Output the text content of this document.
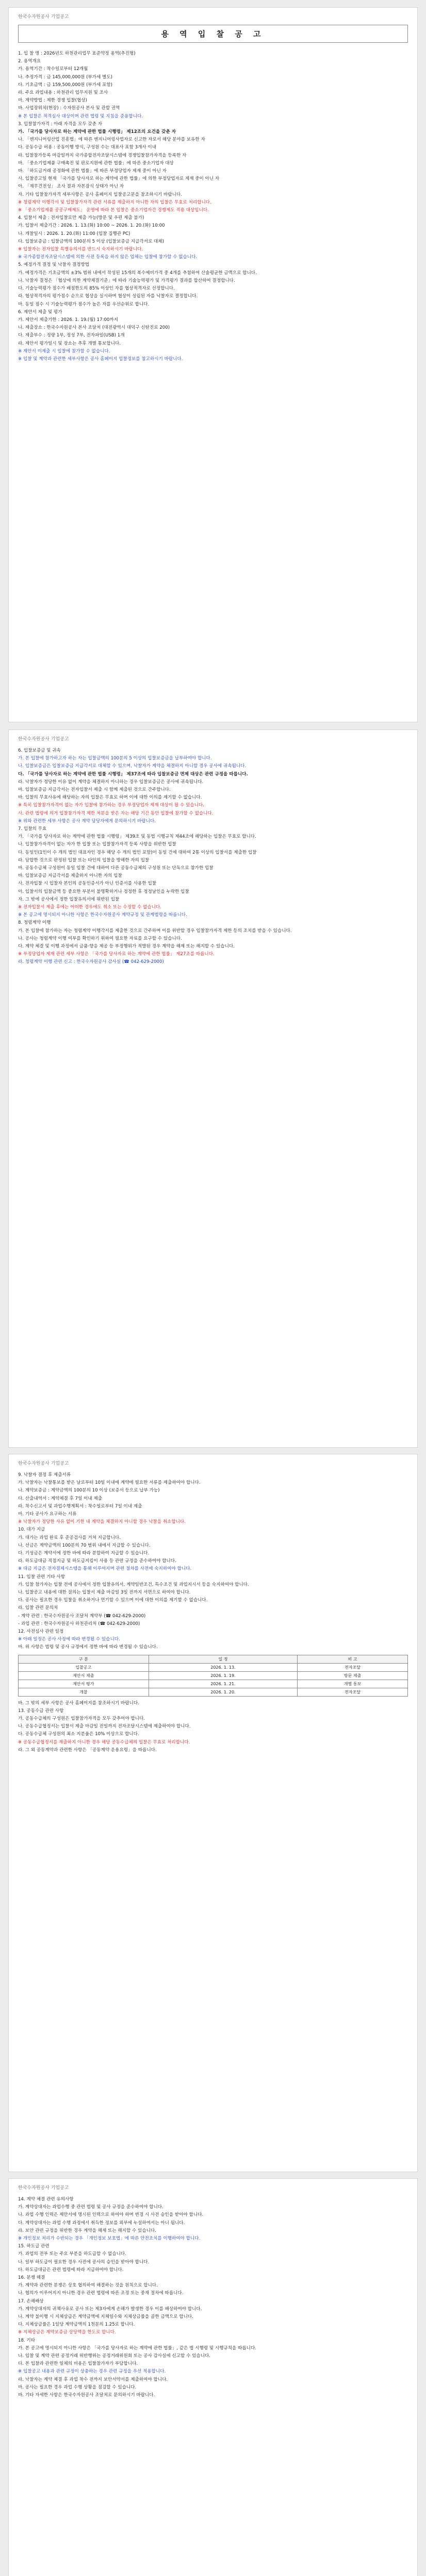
한국수자원공사 기업공고
용 역 입 찰 공 고
1. 입 찰 명 : 2026년도 하천관리업무 표준약정 용역(추진형)
2. 용역개요
가. 용역기간 : 착수일로부터 12개월
나. 추정가격 : 금 145,000,000원 (부가세 별도)
다. 기초금액 : 금 159,500,000원 (부가세 포함)
라. 주요 과업내용 : 하천관리 업무지원 및 조사
마. 계약방법 : 제한 경쟁 입찰(협상)
바. 사업장위치(현장) : 수자원공사 본사 및 관할 권역
※ 본 입찰은 적격심사 대상이며 관련 법령 및 지침을 준용합니다.
3. 입찰참가자격 : 아래 자격을 모두 갖춘 자
가. 「국가를 당사자로 하는 계약에 관한 법률 시행령」 제12조의 요건을 갖춘 자
나. 「엔지니어링산업 진흥법」에 따른 엔지니어링사업자로 신고한 자로서 해당 분야를 보유한 자
다. 공동수급 허용 : 공동이행 방식, 구성원 수는 대표사 포함 3개사 이내
라. 입찰참가등록 마감일까지 국가종합전자조달시스템에 경쟁입찰참가자격을 등록한 자
마. 「중소기업제품 구매촉진 및 판로지원에 관한 법률」에 따른 중소기업자 대상
바. 「하도급거래 공정화에 관한 법률」에 따른 부정당업자 제재 중이 아닌 자
사. 입찰공고일 현재 「국가를 당사자로 하는 계약에 관한 법률」에 의한 부정당업자로 제재 중이 아닌 자
아. 「재무건전성」 조사 결과 자본잠식 상태가 아닌 자
자. 기타 입찰참가자격 세부사항은 공사 홈페이지 입찰공고문을 참조하시기 바랍니다.
※ 청렴계약 이행각서 및 입찰참가자격 관련 서류를 제출하지 아니한 자의 입찰은 무효로 처리합니다.
※ 「중소기업제품 공공구매제도」 운영에 따라 본 입찰은 중소기업자간 경쟁제도 적용 대상입니다.
4. 입찰서 제출 : 전자입찰로만 제출 가능(방문 및 우편 제출 불가)
가. 입찰서 제출기간 : 2026. 1. 13.(화) 10:00 ~ 2026. 1. 20.(화) 10:00
나. 개찰일시 : 2026. 1. 20.(화) 11:00 (입찰 집행관 PC)
다. 입찰보증금 : 입찰금액의 100분의 5 이상 (입찰보증금 지급각서로 대체)
※ 입찰자는 전자입찰 특별유의서를 반드시 숙지하시기 바랍니다.
※ 국가종합전자조달시스템에 의한 사전 등록을 하지 않은 업체는 입찰에 참가할 수 없습니다.
5. 예정가격 결정 및 낙찰자 결정방법
가. 예정가격은 기초금액의 ±3% 범위 내에서 작성된 15개의 복수예비가격 중 4개를 추첨하여 산술평균한 금액으로 합니다.
나. 낙찰자 결정은 「협상에 의한 계약체결기준」에 따라 기술능력평가 및 가격평가 결과를 합산하여 결정합니다.
다. 기술능력평가 점수가 배점한도의 85% 이상인 자를 협상적격자로 선정합니다.
라. 협상적격자의 평가점수 순으로 협상을 실시하며 협상이 성립된 자를 낙찰자로 결정합니다.
마. 동일 점수 시 기술능력평가 점수가 높은 자를 우선순위로 합니다.
6. 제안서 제출 및 평가
가. 제안서 제출기한 : 2026. 1. 19.(월) 17:00까지
나. 제출장소 : 한국수자원공사 본사 조달처 (대전광역시 대덕구 신탄진로 200)
다. 제출부수 : 정량 1부, 정성 7부, 전자파일(USB) 1개
라. 제안서 평가일시 및 장소는 추후 개별 통보합니다.
※ 제안서 미제출 시 입찰에 참가할 수 없습니다.
※ 입찰 및 계약과 관련한 세부사항은 공사 홈페이지 입찰정보를 참고하시기 바랍니다.
한국수자원공사 기업공고
6. 입찰보증금 및 귀속
가. 본 입찰에 참가하고자 하는 자는 입찰금액의 100분의 5 이상의 입찰보증금을 납부하여야 합니다.
나. 입찰보증금은 입찰보증금 지급각서로 대체할 수 있으며, 낙찰자가 계약을 체결하지 아니할 경우 공사에 귀속됩니다.
다. 「국가를 당사자로 하는 계약에 관한 법률 시행령」 제37조에 따라 입찰보증금 면제 대상은 관련 규정을 따릅니다.
라. 낙찰자가 정당한 이유 없이 계약을 체결하지 아니하는 경우 입찰보증금은 공사에 귀속됩니다.
마. 입찰보증금 지급각서는 전자입찰서 제출 시 함께 제출된 것으로 간주합니다.
바. 입찰의 무효사유에 해당하는 자의 입찰은 무효로 하며 이에 대한 이의를 제기할 수 없습니다.
※ 특히 입찰참가자격이 없는 자가 입찰에 참가하는 경우 부정당업자 제재 대상이 될 수 있습니다.
사. 관련 법령에 의거 입찰참가자격 제한 처분을 받은 자는 해당 기간 동안 입찰에 참가할 수 없습니다.
※ 위와 관련한 세부 사항은 공사 계약 담당자에게 문의하시기 바랍니다.
7. 입찰의 무효
가. 「국가를 당사자로 하는 계약에 관한 법률 시행령」 제39조 및 동법 시행규칙 제44조에 해당하는 입찰은 무효로 합니다.
나. 입찰참가자격이 없는 자가 한 입찰 또는 입찰참가자격 등록 사항을 위반한 입찰
다. 동일인(1인이 수 개의 법인 대표자인 경우 해당 수 개의 법인 포함)이 동일 건에 대하여 2통 이상의 입찰서를 제출한 입찰
라. 담합한 것으로 판정된 입찰 또는 타인의 입찰을 방해한 자의 입찰
마. 공동수급체 구성원이 동일 입찰 건에 대하여 다른 공동수급체의 구성원 또는 단독으로 참가한 입찰
바. 입찰보증금 지급각서를 제출하지 아니한 자의 입찰
사. 전자입찰 시 입찰자 본인의 공동인증서가 아닌 인증서를 사용한 입찰
아. 입찰서의 입찰금액 등 중요한 부분이 불명확하거나 정정한 후 정정날인을 누락한 입찰
자. 그 밖에 공사에서 정한 입찰유의서에 위반된 입찰
※ 전자입찰서 제출 후에는 어떠한 경우에도 취소 또는 수정할 수 없습니다.
※ 본 공고에 명시되지 아니한 사항은 한국수자원공사 계약규정 및 관계법령을 따릅니다.
8. 청렴계약 이행
가. 본 입찰에 참가하는 자는 청렴계약 이행각서를 제출한 것으로 간주하며 이를 위반할 경우 입찰참가자격 제한 등의 조치를 받을 수 있습니다.
나. 공사는 청렴계약 이행 여부를 확인하기 위하여 필요한 자료를 요구할 수 있습니다.
다. 계약 체결 및 이행 과정에서 금품·향응 제공 등 부정행위가 적발된 경우 계약을 해제 또는 해지할 수 있습니다.
※ 부정당업자 제재 관련 세부 사항은 「국가를 당사자로 하는 계약에 관한 법률」 제27조를 따릅니다.
라. 청렴계약 이행 관련 신고 : 한국수자원공사 감사실 (☎ 042-629-2000)
한국수자원공사 기업공고
9. 낙찰자 결정 후 제출서류
가. 낙찰자는 낙찰통보를 받은 날로부터 10일 이내에 계약에 필요한 서류를 제출하여야 합니다.
나. 계약보증금 : 계약금액의 100분의 10 이상 (보증서 등으로 납부 가능)
다. 산출내역서 : 계약체결 후 7일 이내 제출
라. 착수신고서 및 과업수행계획서 : 착수일로부터 7일 이내 제출
마. 기타 공사가 요구하는 서류
※ 낙찰자가 정당한 사유 없이 기한 내 계약을 체결하지 아니할 경우 낙찰을 취소합니다.
10. 대가 지급
가. 대가는 과업 완료 후 준공검사를 거쳐 지급합니다.
나. 선금은 계약금액의 100분의 70 범위 내에서 지급할 수 있습니다.
다. 기성금은 계약서에 정한 바에 따라 분할하여 지급할 수 있습니다.
라. 하도급대금 직접지급 및 하도급지킴이 사용 등 관련 규정을 준수하여야 합니다.
※ 대금 지급은 전자결제시스템을 통해 이루어지며 관련 절차를 사전에 숙지하여야 합니다.
11. 입찰 관련 기타 사항
가. 입찰 참가자는 입찰 전에 공사에서 정한 입찰유의서, 계약일반조건, 특수조건 및 과업지시서 등을 숙지하여야 합니다.
나. 입찰공고 내용에 대한 질의는 입찰서 제출 마감일 3일 전까지 서면으로 하여야 합니다.
다. 공사는 필요한 경우 입찰을 취소하거나 연기할 수 있으며 이에 대한 이의를 제기할 수 없습니다.
라. 입찰 관련 문의처
- 계약 관련 : 한국수자원공사 조달처 계약부 (☎ 042-629-2000)
- 과업 관련 : 한국수자원공사 하천관리처 (☎ 042-629-2000)
12. 사전심사 관련 일정
※ 아래 일정은 공사 사정에 따라 변경될 수 있습니다.
마. 위 사항은 법령 및 공사 규정에서 정한 바에 따라 변경될 수 있습니다.
구 분	일 정	비 고
입찰공고	2026. 1. 13.	전자조달
제안서 제출	2026. 1. 19.	방문 제출
제안서 평가	2026. 1. 21.	개별 통보
개찰	2026. 1. 20.	전자조달
바. 그 밖의 세부 사항은 공사 홈페이지를 참조하시기 바랍니다.
13. 공동수급 관련 사항
가. 공동수급체의 구성원은 입찰참가자격을 모두 갖추어야 합니다.
나. 공동수급협정서는 입찰서 제출 마감일 전일까지 전자조달시스템에 제출하여야 합니다.
다. 공동수급체 구성원의 최소 지분율은 10% 이상으로 합니다.
※ 공동수급협정서를 제출하지 아니한 경우 해당 공동수급체의 입찰은 무효로 처리합니다.
라. 그 외 공동계약과 관련한 사항은 「공동계약 운용요령」을 따릅니다.
한국수자원공사 기업공고
14. 계약 체결 관련 유의사항
가. 계약상대자는 과업수행 중 관련 법령 및 공사 규정을 준수하여야 합니다.
나. 과업 수행 인력은 제안서에 명시된 인력으로 하여야 하며 변경 시 사전 승인을 받아야 합니다.
다. 계약상대자는 과업 수행 과정에서 취득한 정보를 외부에 누설하여서는 아니 됩니다.
라. 보안 관련 규정을 위반한 경우 계약을 해제 또는 해지할 수 있습니다.
※ 개인정보 처리가 수반되는 경우 「개인정보 보호법」에 따른 안전조치를 이행하여야 합니다.
15. 하도급 관련
가. 과업의 전부 또는 주요 부분을 하도급할 수 없습니다.
나. 일부 하도급이 필요한 경우 사전에 공사의 승인을 받아야 합니다.
다. 하도급대금은 관련 법령에 따라 지급하여야 합니다.
16. 분쟁 해결
가. 계약과 관련한 분쟁은 상호 협의하여 해결하는 것을 원칙으로 합니다.
나. 협의가 이루어지지 아니한 경우 관련 법령에 따른 조정 또는 중재 절차에 따릅니다.
17. 손해배상
가. 계약상대자의 귀책사유로 공사 또는 제3자에게 손해가 발생한 경우 이를 배상하여야 합니다.
나. 계약 불이행 시 지체상금은 계약금액에 지체일수와 지체상금률을 곱한 금액으로 합니다.
다. 지체상금률은 1일당 계약금액의 1천분의 1.25로 합니다.
※ 지체상금은 계약보증금 상당액을 한도로 합니다.
18. 기타
가. 본 공고에 명시되지 아니한 사항은 「국가를 당사자로 하는 계약에 관한 법률」, 같은 법 시행령 및 시행규칙을 따릅니다.
나. 입찰 및 계약 관련 공정거래 위반행위는 공정거래위원회 또는 공사 감사실에 신고할 수 있습니다.
다. 본 입찰과 관련한 일체의 비용은 입찰참가자가 부담합니다.
※ 입찰공고 내용과 관련 규정이 상충하는 경우 관련 규정을 우선 적용합니다.
라. 낙찰자는 계약 체결 후 과업 착수 전까지 보안서약서를 제출하여야 합니다.
마. 공사는 필요한 경우 과업 수행 상황을 점검할 수 있습니다.
바. 기타 자세한 사항은 한국수자원공사 조달처로 문의하시기 바랍니다.
